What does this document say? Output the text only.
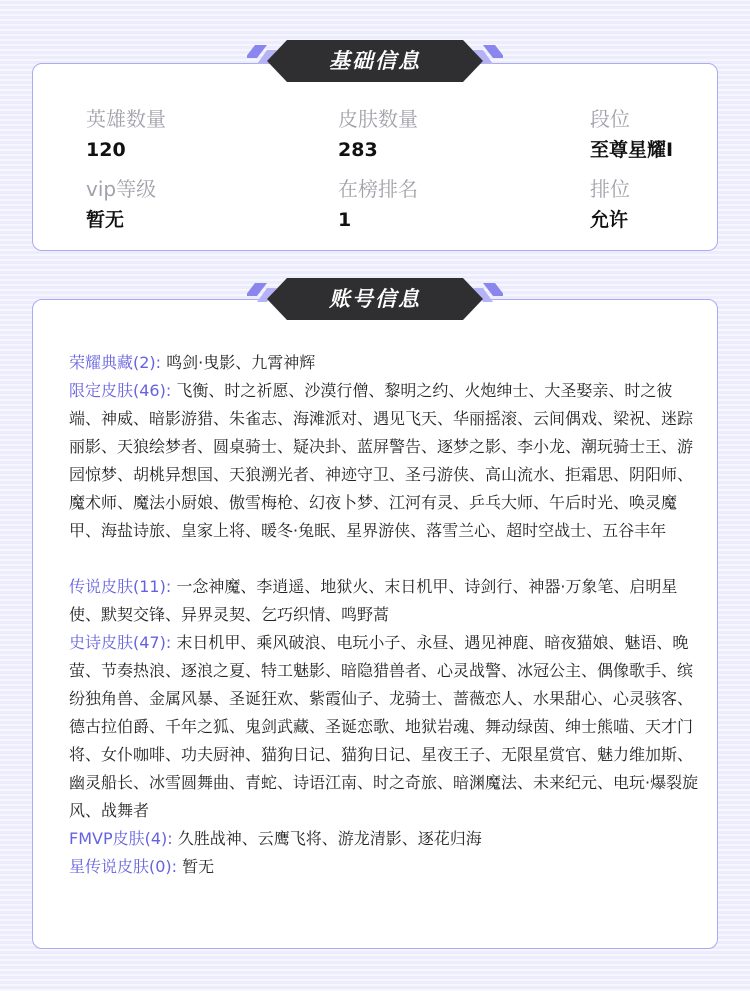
英雄数量
120
皮肤数量
283
段位
至尊星耀I
vip等级
暂无
在榜排名
1
排位
允许
基础信息

荣耀典藏(2): 鸣剑·曳影、九霄神辉

限定皮肤(46): 飞衡、时之祈愿、沙漠行僧、黎明之约、火炮绅士、大圣娶亲、时之彼端、神威、暗影游猎、朱雀志、海滩派对、遇见飞天、华丽摇滚、云间偶戏、梁祝、迷踪丽影、天狼绘梦者、圆桌骑士、疑决卦、蓝屏警告、逐梦之影、李小龙、潮玩骑士王、游园惊梦、胡桃异想国、天狼溯光者、神迹守卫、圣弓游侠、高山流水、拒霜思、阴阳师、魔术师、魔法小厨娘、傲雪梅枪、幻夜卜梦、江河有灵、乒乓大师、午后时光、唤灵魔甲、海盐诗旅、皇家上将、暖冬·兔眠、星界游侠、落雪兰心、超时空战士、五谷丰年

传说皮肤(11): 一念神魔、李逍遥、地狱火、末日机甲、诗剑行、神器·万象笔、启明星使、默契交锋、异界灵契、乞巧织情、鸣野蒿

史诗皮肤(47): 末日机甲、乘风破浪、电玩小子、永昼、遇见神鹿、暗夜猫娘、魅语、晚萤、节奏热浪、逐浪之夏、特工魅影、暗隐猎兽者、心灵战警、冰冠公主、偶像歌手、缤纷独角兽、金属风暴、圣诞狂欢、紫霞仙子、龙骑士、蔷薇恋人、水果甜心、心灵骇客、德古拉伯爵、千年之狐、鬼剑武藏、圣诞恋歌、地狱岩魂、舞动绿茵、绅士熊喵、天才门将、女仆咖啡、功夫厨神、猫狗日记、猫狗日记、星夜王子、无限星赏官、魅力维加斯、幽灵船长、冰雪圆舞曲、青蛇、诗语江南、时之奇旅、暗渊魔法、未来纪元、电玩·爆裂旋风、战舞者

FMVP皮肤(4): 久胜战神、云鹰飞将、游龙清影、逐花归海

星传说皮肤(0): 暂无

账号信息
